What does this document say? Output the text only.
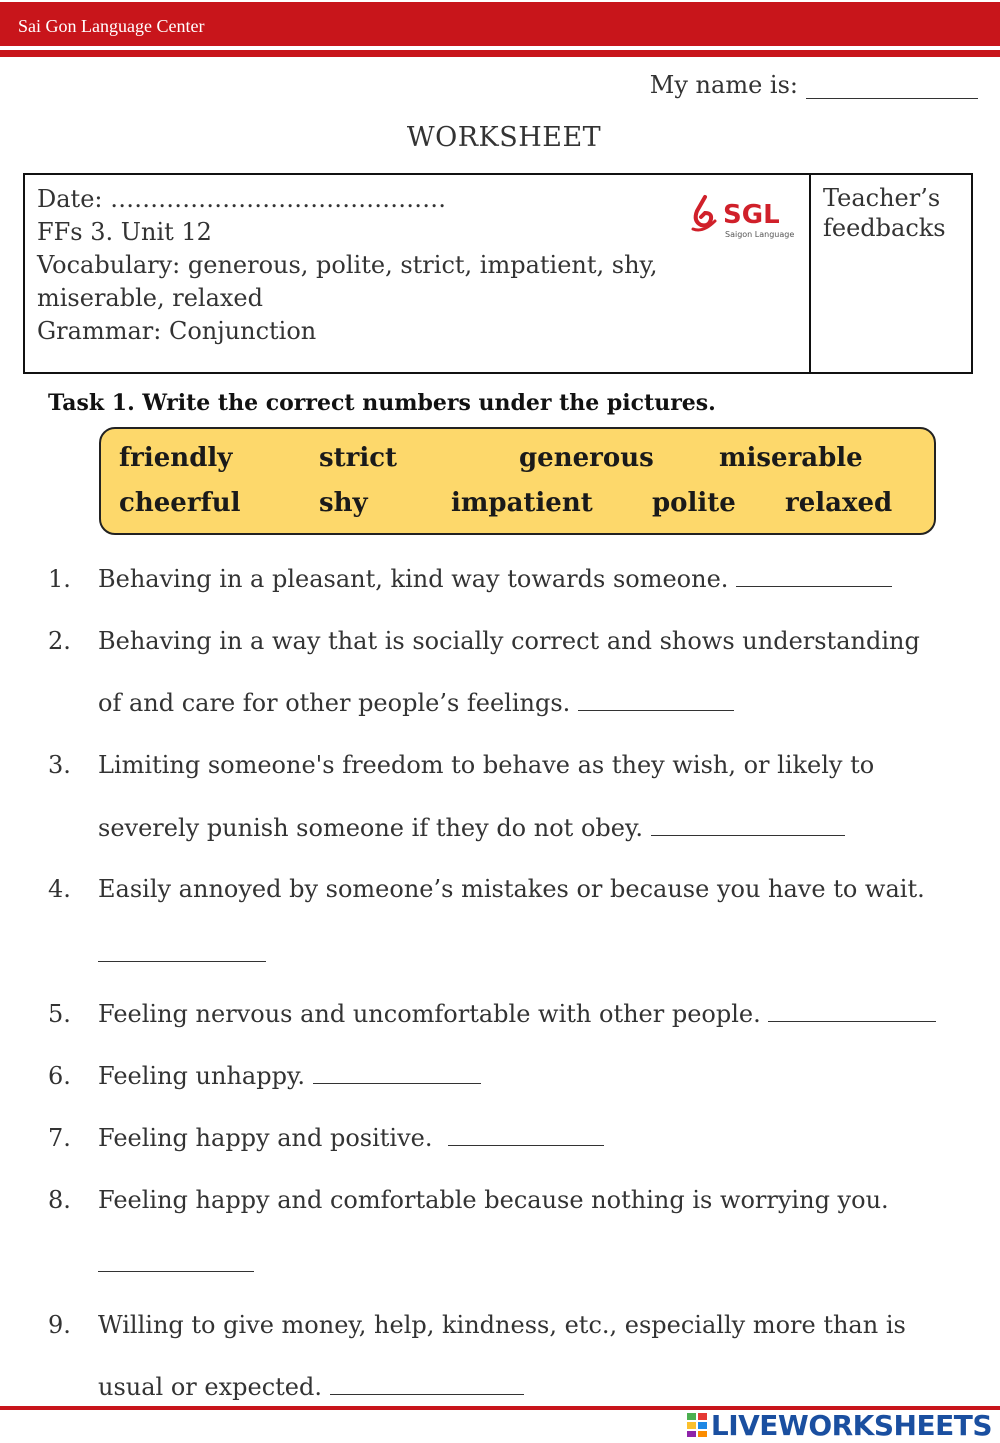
Sai Gon Language Center
My name is:
WORKSHEET
Date: ……………………………………
FFs 3. Unit 12
Vocabulary: generous, polite, strict, impatient, shy,
miserable, relaxed
Grammar: Conjunction
SGL
Saigon Language
Teacher’s
feedbacks
Task 1. Write the correct numbers under the pictures.
friendly	strict	generous	miserable
cheerful	shy	impatient polite relaxed
1. Behaving in a pleasant, kind way towards someone.
2. Behaving in a way that is socially correct and shows understanding
of and care for other people’s feelings.
3. Limiting someone's freedom to behave as they wish, or likely to
severely punish someone if they do not obey.
4. Easily annoyed by someone’s mistakes or because you have to wait.
5. Feeling nervous and uncomfortable with other people.
6. Feeling unhappy.
7. Feeling happy and positive.
8. Feeling happy and comfortable because nothing is worrying you.
9. Willing to give money, help, kindness, etc., especially more than is
usual or expected.
LIVEWORKSHEETS
